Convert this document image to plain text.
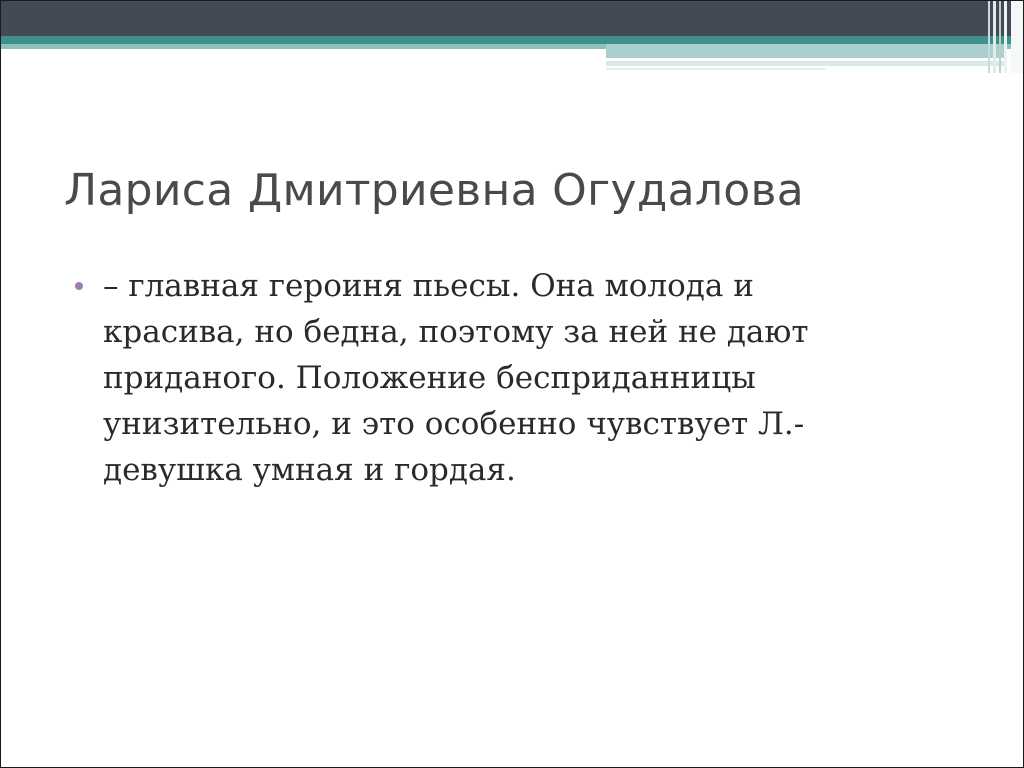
Лариса Дмитриевна Огудалова
– главная героиня пьесы. Она молода и красива, но бедна, поэтому за ней не дают приданого. Положение бесприданницы унизительно, и это особенно чувствует Л.- девушка умная и гордая.
